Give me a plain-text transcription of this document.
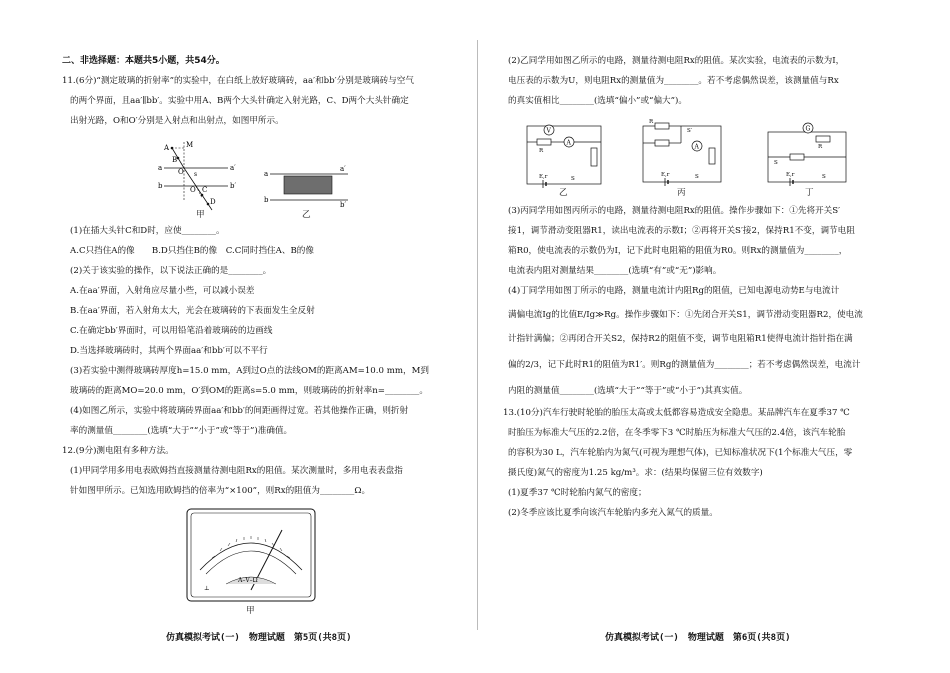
二、非选择题：本题共5小题，共54分。
11.(6分)“测定玻璃的折射率”的实验中，在白纸上放好玻璃砖，aa′和bb′分别是玻璃砖与空气
的两个界面，且aa′∥bb′。实验中用A、B两个大头针确定入射光路，C、D两个大头针确定
出射光路，O和O′分别是入射点和出射点，如图甲所示。
A M
B
O
O′ C
D
a′
b′
a
b
s
甲
a
a′
b
b′
乙
(1)在插大头针C和D时，应使________。
A.C只挡住A的像　　B.D只挡住B的像　C.C同时挡住A、B的像
(2)关于该实验的操作，以下说法正确的是________。
A.在aa′界面，入射角应尽量小些，可以减小误差
B.在aa′界面，若入射角太大，光会在玻璃砖的下表面发生全反射
C.在确定bb′界面时，可以用铅笔沿着玻璃砖的边画线
D.当选择玻璃砖时，其两个界面aa′和bb′可以不平行
(3)若实验中测得玻璃砖厚度h=15.0 mm，A到过O点的法线OM的距离AM=10.0 mm，M到
玻璃砖的距离MO=20.0 mm，O′到OM的距离s=5.0 mm，则玻璃砖的折射率n=________。
(4)如图乙所示，实验中将玻璃砖界面aa′和bb′的间距画得过宽。若其他操作正确，则折射
率的测量值________(选填“大于”“小于”或“等于”)准确值。
12.(9分)测电阻有多种方法。
(1)甲同学用多用电表欧姆挡直接测量待测电阻Rx的阻值。某次测量时，多用电表表盘指
针如图甲所示。已知选用欧姆挡的倍率为“×100”，则Rx的阻值为________Ω。
A–V–Ω
⊥
甲
仿真模拟考试(一)　物理试题　第5页(共8页)
(2)乙同学用如图乙所示的电路，测量待测电阻Rx的阻值。某次实验，电流表的示数为I，
电压表的示数为U，则电阻Rx的测量值为________。若不考虑偶然误差，该测量值与Rx
的真实值相比________(选填“偏小”或“偏大”)。
V
A
R
E,r	S
乙
A
R
S′
E,r	S
丙
G
R
S
E,r	S
丁
(3)丙同学用如图丙所示的电路，测量待测电阻Rx的阻值。操作步骤如下：①先将开关S′
接1，调节滑动变阻器R1，读出电流表的示数I；②再将开关S′接2，保持R1不变，调节电阻
箱R0，使电流表的示数仍为I，记下此时电阻箱的阻值为R0。则Rx的测量值为________，
电流表内阻对测量结果________(选填“有”或“无”)影响。
(4)丁同学用如图丁所示的电路，测量电流计内阻Rg的阻值，已知电源电动势E与电流计
满偏电流Ig的比值E/Ig≫Rg。操作步骤如下：①先闭合开关S1，调节滑动变阻器R2，使电流
计指针满偏；②再闭合开关S2，保持R2的阻值不变，调节电阻箱R1使得电流计指针指在满
偏的2/3，记下此时R1的阻值为R1′。则Rg的测量值为________；若不考虑偶然误差，电流计
内阻的测量值________(选填“大于”“等于”或“小于”)其真实值。
13.(10分)汽车行驶时轮胎的胎压太高或太低都容易造成安全隐患。某品牌汽车在夏季37 ℃
时胎压为标准大气压的2.2倍，在冬季零下3 ℃时胎压为标准大气压的2.4倍，该汽车轮胎
的容积为30 L，汽车轮胎内为氮气(可视为理想气体)，已知标准状况下(1个标准大气压，零
摄氏度)氮气的密度为1.25 kg/m³。求：(结果均保留三位有效数字)
(1)夏季37 ℃时轮胎内氮气的密度；
(2)冬季应该比夏季向该汽车轮胎内多充入氮气的质量。
仿真模拟考试(一)　物理试题　第6页(共8页)
